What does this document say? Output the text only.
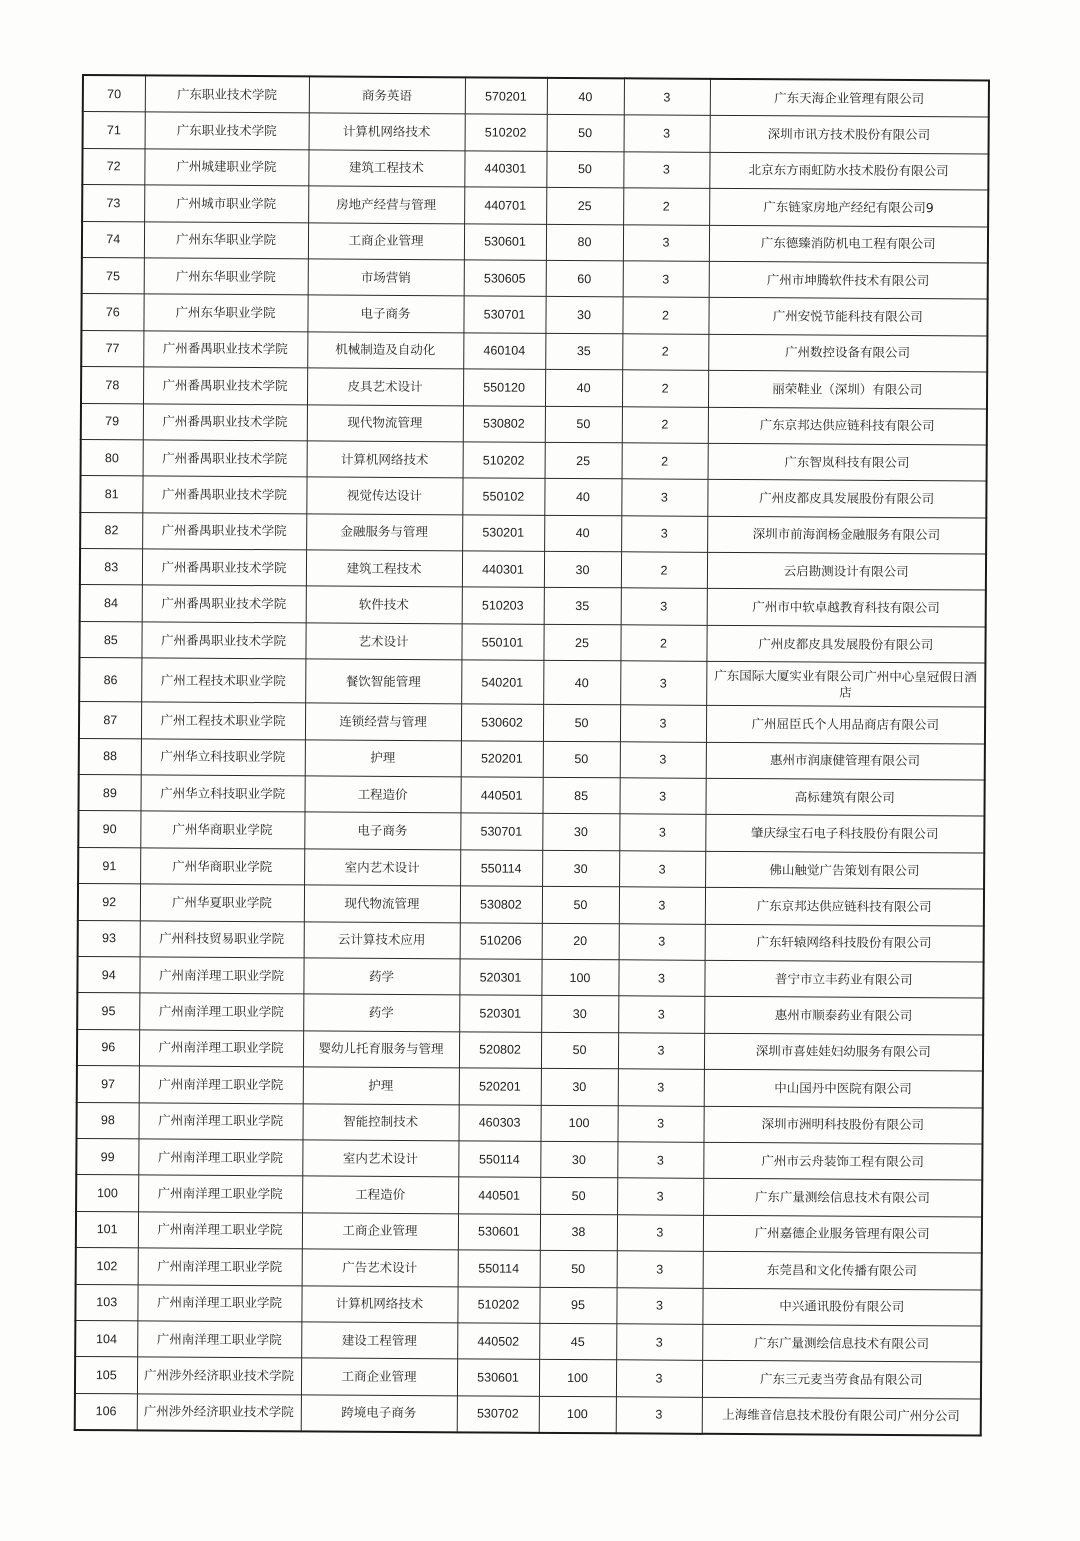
70	广东职业技术学院	商务英语	570201	40	3	广东天海企业管理有限公司
71	广东职业技术学院	计算机网络技术	510202	50	3	深圳市讯方技术股份有限公司
72	广州城建职业学院	建筑工程技术	440301	50	3	北京东方雨虹防水技术股份有限公司
73	广州城市职业学院	房地产经营与管理	440701	25	2	广东链家房地产经纪有限公司9
74	广州东华职业学院	工商企业管理	530601	80	3	广东德臻消防机电工程有限公司
75	广州东华职业学院	市场营销	530605	60	3	广州市坤腾软件技术有限公司
76	广州东华职业学院	电子商务	530701	30	2	广州安悦节能科技有限公司
77	广州番禺职业技术学院	机械制造及自动化	460104	35	2	广州数控设备有限公司
78	广州番禺职业技术学院	皮具艺术设计	550120	40	2	丽荣鞋业（深圳）有限公司
79	广州番禺职业技术学院	现代物流管理	530802	50	2	广东京邦达供应链科技有限公司
80	广州番禺职业技术学院	计算机网络技术	510202	25	2	广东智岚科技有限公司
81	广州番禺职业技术学院	视觉传达设计	550102	40	3	广州皮都皮具发展股份有限公司
82	广州番禺职业技术学院	金融服务与管理	530201	40	3	深圳市前海润杨金融服务有限公司
83	广州番禺职业技术学院	建筑工程技术	440301	30	2	云启勘测设计有限公司
84	广州番禺职业技术学院	软件技术	510203	35	3	广州市中软卓越教育科技有限公司
85	广州番禺职业技术学院	艺术设计	550101	25	2	广州皮都皮具发展股份有限公司
86	广州工程技术职业学院	餐饮智能管理	540201	40	3	广东国际大厦实业有限公司广州中心皇冠假日酒店
87	广州工程技术职业学院	连锁经营与管理	530602	50	3	广州屈臣氏个人用品商店有限公司
88	广州华立科技职业学院	护理	520201	50	3	惠州市润康健管理有限公司
89	广州华立科技职业学院	工程造价	440501	85	3	高标建筑有限公司
90	广州华商职业学院	电子商务	530701	30	3	肇庆绿宝石电子科技股份有限公司
91	广州华商职业学院	室内艺术设计	550114	30	3	佛山触觉广告策划有限公司
92	广州华夏职业学院	现代物流管理	530802	50	3	广东京邦达供应链科技有限公司
93	广州科技贸易职业学院	云计算技术应用	510206	20	3	广东轩辕网络科技股份有限公司
94	广州南洋理工职业学院	药学	520301	100	3	普宁市立丰药业有限公司
95	广州南洋理工职业学院	药学	520301	30	3	惠州市顺泰药业有限公司
96	广州南洋理工职业学院	婴幼儿托育服务与管理	520802	50	3	深圳市喜娃娃妇幼服务有限公司
97	广州南洋理工职业学院	护理	520201	30	3	中山国丹中医院有限公司
98	广州南洋理工职业学院	智能控制技术	460303	100	3	深圳市洲明科技股份有限公司
99	广州南洋理工职业学院	室内艺术设计	550114	30	3	广州市云舟装饰工程有限公司
100	广州南洋理工职业学院	工程造价	440501	50	3	广东广量测绘信息技术有限公司
101	广州南洋理工职业学院	工商企业管理	530601	38	3	广州嘉德企业服务管理有限公司
102	广州南洋理工职业学院	广告艺术设计	550114	50	3	东莞昌和文化传播有限公司
103	广州南洋理工职业学院	计算机网络技术	510202	95	3	中兴通讯股份有限公司
104	广州南洋理工职业学院	建设工程管理	440502	45	3	广东广量测绘信息技术有限公司
105	广州涉外经济职业技术学院	工商企业管理	530601	100	3	广东三元麦当劳食品有限公司
106	广州涉外经济职业技术学院	跨境电子商务	530702	100	3	上海维音信息技术股份有限公司广州分公司
